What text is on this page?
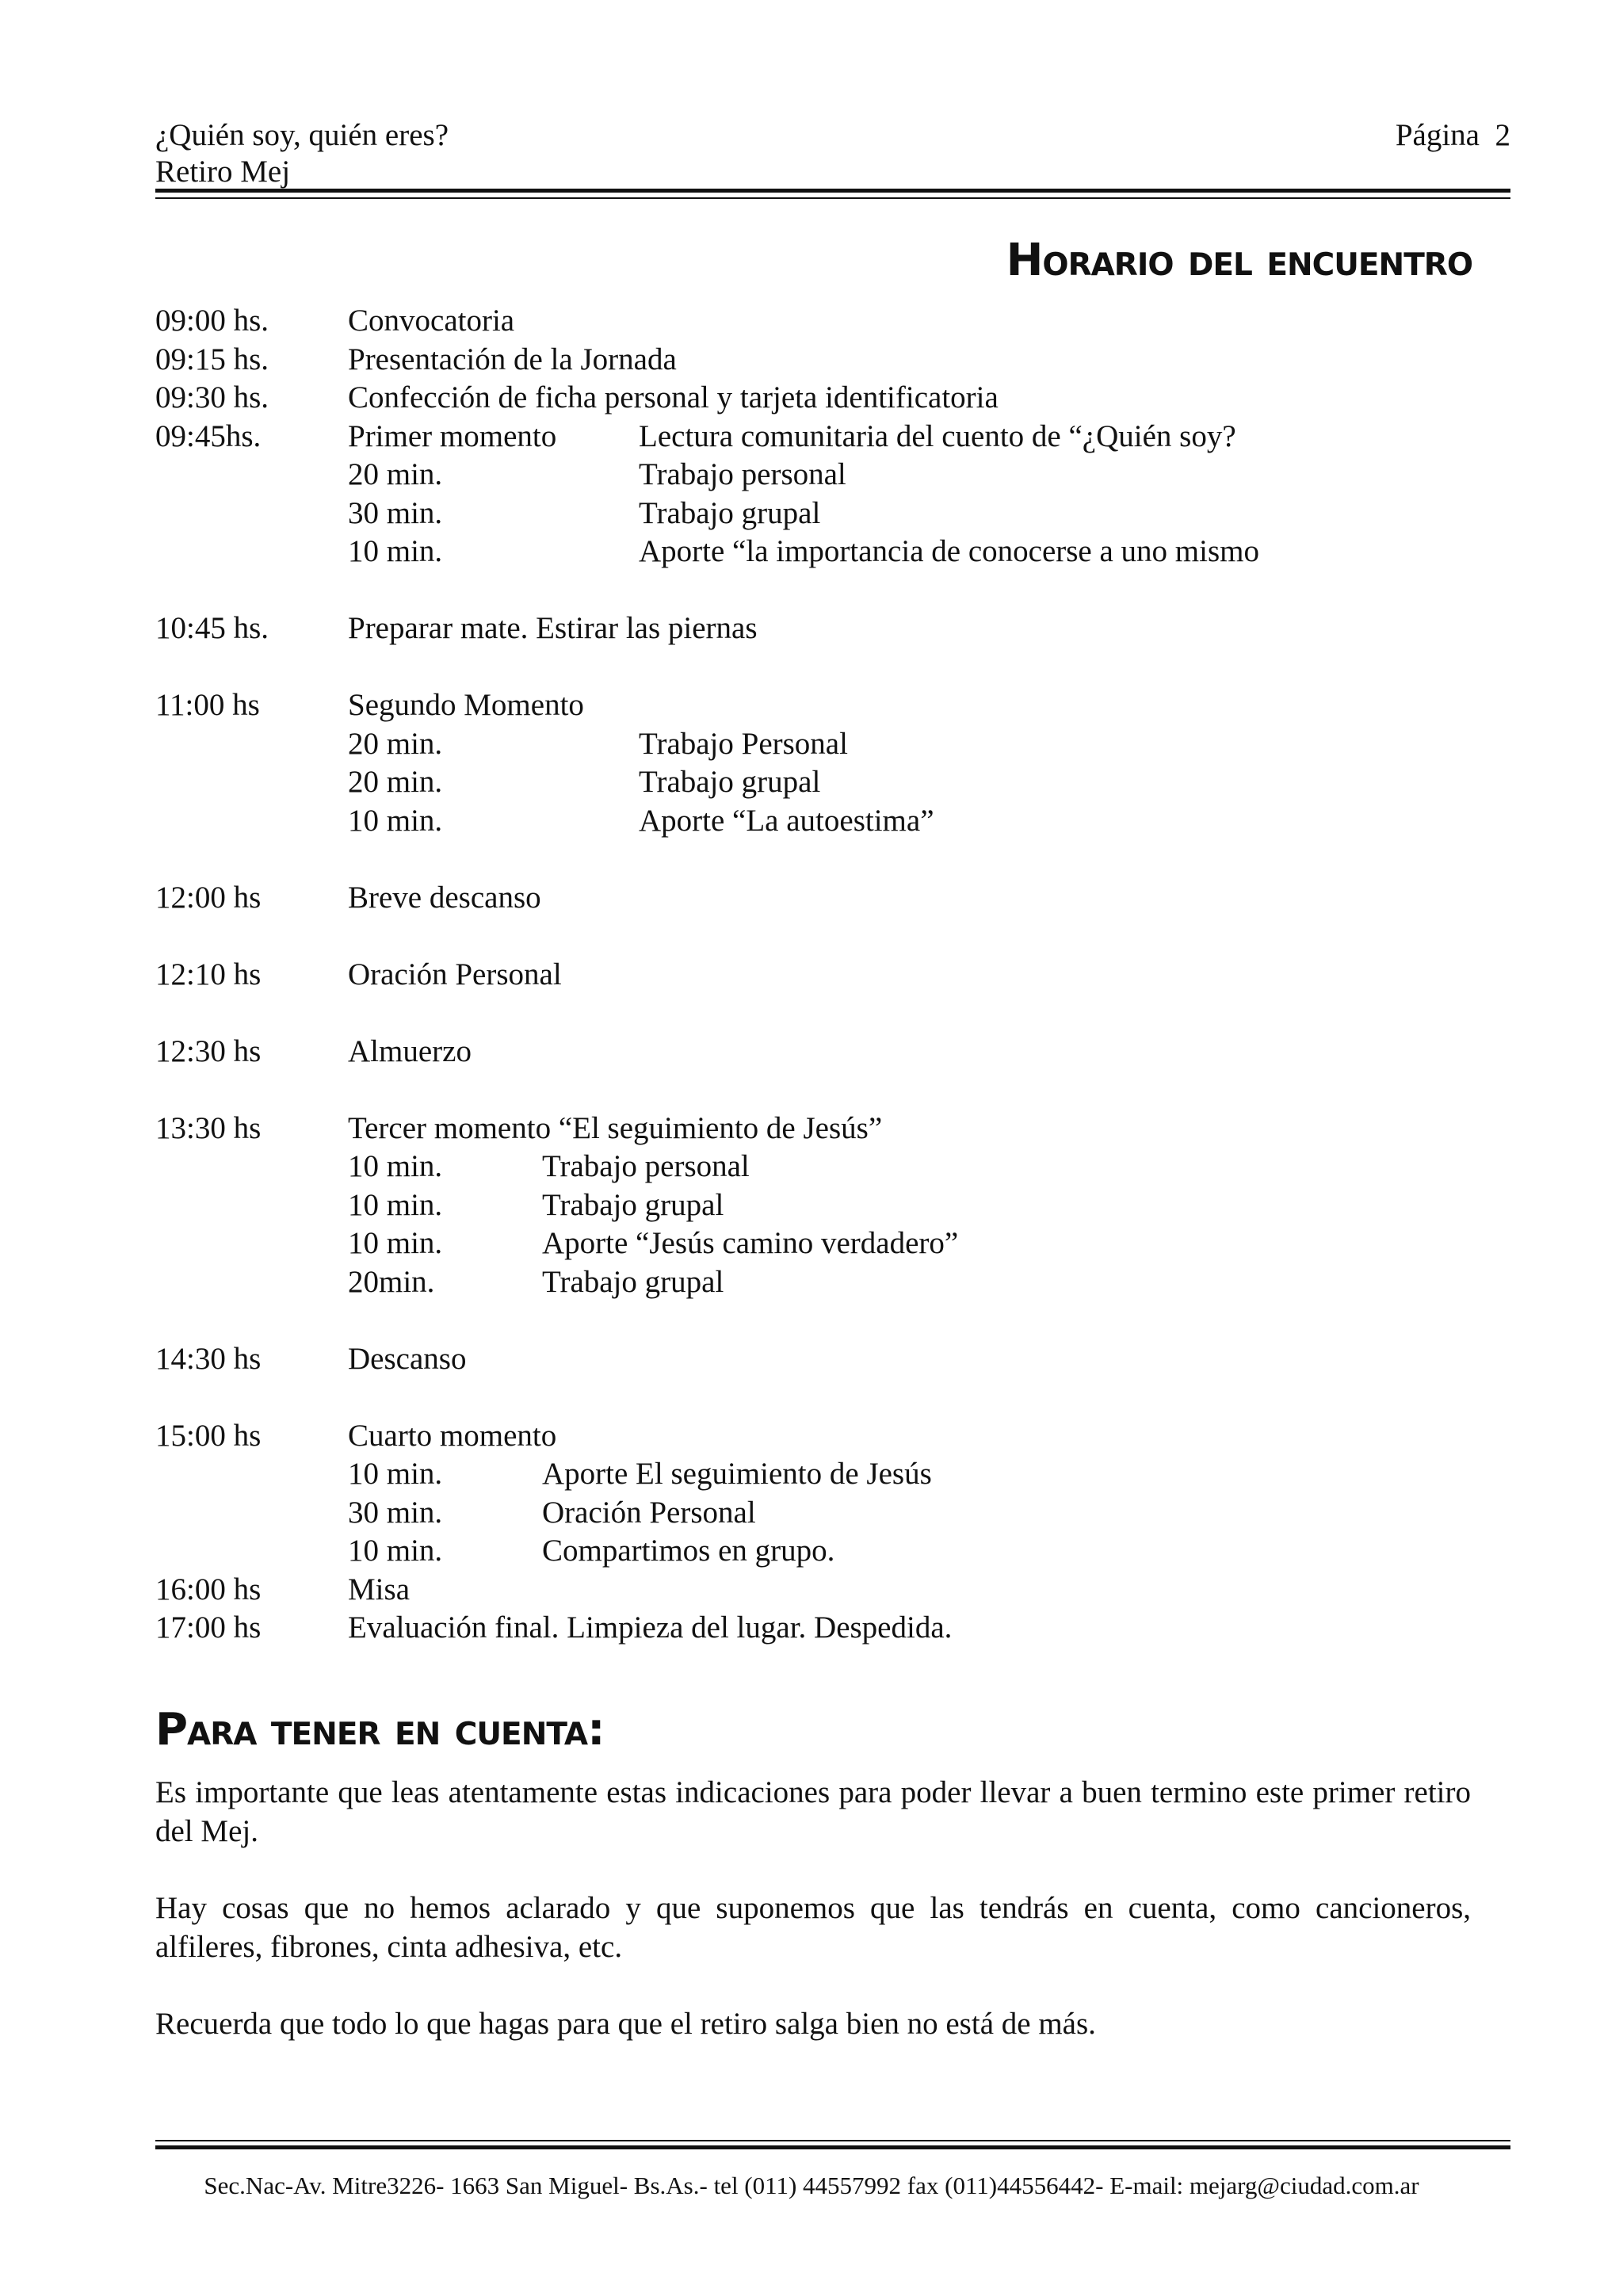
¿Quién soy, quién eres?
Retiro Mej
Página  2
Horario del encuentro
09:00 hs.	Convocatoria
09:15 hs.	Presentación de la Jornada
09:30 hs.	Confección de ficha personal y tarjeta identificatoria
09:45hs.	Primer momento	Lectura comunitaria del cuento de “¿Quién soy?
20 min.	Trabajo personal
30 min.	Trabajo grupal
10 min.	Aporte “la importancia de conocerse a uno mismo
10:45 hs.	Preparar mate. Estirar las piernas
11:00 hs	Segundo Momento
20 min.	Trabajo Personal
20 min.	Trabajo grupal
10 min.	Aporte “La autoestima”
12:00 hs	Breve descanso
12:10 hs	Oración Personal
12:30 hs	Almuerzo
13:30 hs	Tercer momento “El seguimiento de Jesús”
10 min.	Trabajo personal
10 min.	Trabajo grupal
10 min.	Aporte “Jesús camino verdadero”
20min.	Trabajo grupal
14:30 hs	Descanso
15:00 hs	Cuarto momento
10 min.	Aporte El seguimiento de Jesús
30 min.	Oración Personal
10 min.	Compartimos en grupo.
16:00 hs	Misa
17:00 hs	Evaluación final. Limpieza del lugar. Despedida.
Para tener en cuenta:
Es importante que leas atentamente estas indicaciones para poder llevar a buen termino este primer retiro del Mej.
Hay cosas que no hemos aclarado y que suponemos que las tendrás en cuenta, como cancioneros, alfileres, fibrones, cinta adhesiva, etc.
Recuerda que todo lo que hagas para que el retiro salga bien no está de más.
Sec.Nac-Av. Mitre3226- 1663 San Miguel- Bs.As.- tel (011) 44557992 fax (011)44556442- E-mail: mejarg@ciudad.com.ar
